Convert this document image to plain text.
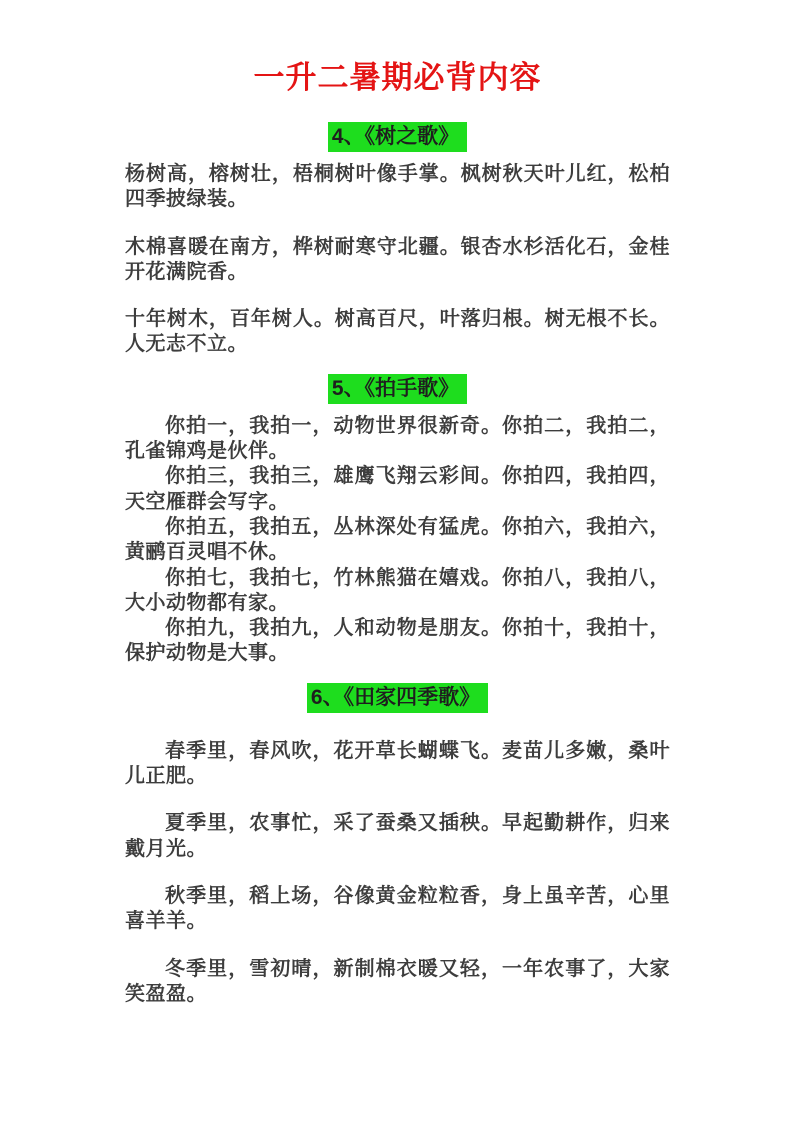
一升二暑期必背内容
4、《树之歌》

杨树高，榕树壮，梧桐树叶像手掌。枫树秋天叶儿红，松柏四季披绿装。

木棉喜暖在南方，桦树耐寒守北疆。银杏水杉活化石，金桂开花满院香。

十年树木，百年树人。树高百尺，叶落归根。树无根不长。人无志不立。

5、《拍手歌》

你拍一，我拍一，动物世界很新奇。你拍二，我拍二，孔雀锦鸡是伙伴。

你拍三，我拍三，雄鹰飞翔云彩间。你拍四，我拍四，天空雁群会写字。

你拍五，我拍五，丛林深处有猛虎。你拍六，我拍六，黄鹂百灵唱不休。

你拍七，我拍七，竹林熊猫在嬉戏。你拍八，我拍八，大小动物都有家。

你拍九，我拍九，人和动物是朋友。你拍十，我拍十，保护动物是大事。

6、《田家四季歌》

春季里，春风吹，花开草长蝴蝶飞。麦苗儿多嫩，桑叶儿正肥。

夏季里，农事忙，采了蚕桑又插秧。早起勤耕作，归来戴月光。

秋季里，稻上场，谷像黄金粒粒香，身上虽辛苦，心里喜羊羊。

冬季里，雪初晴，新制棉衣暖又轻，一年农事了，大家笑盈盈。
